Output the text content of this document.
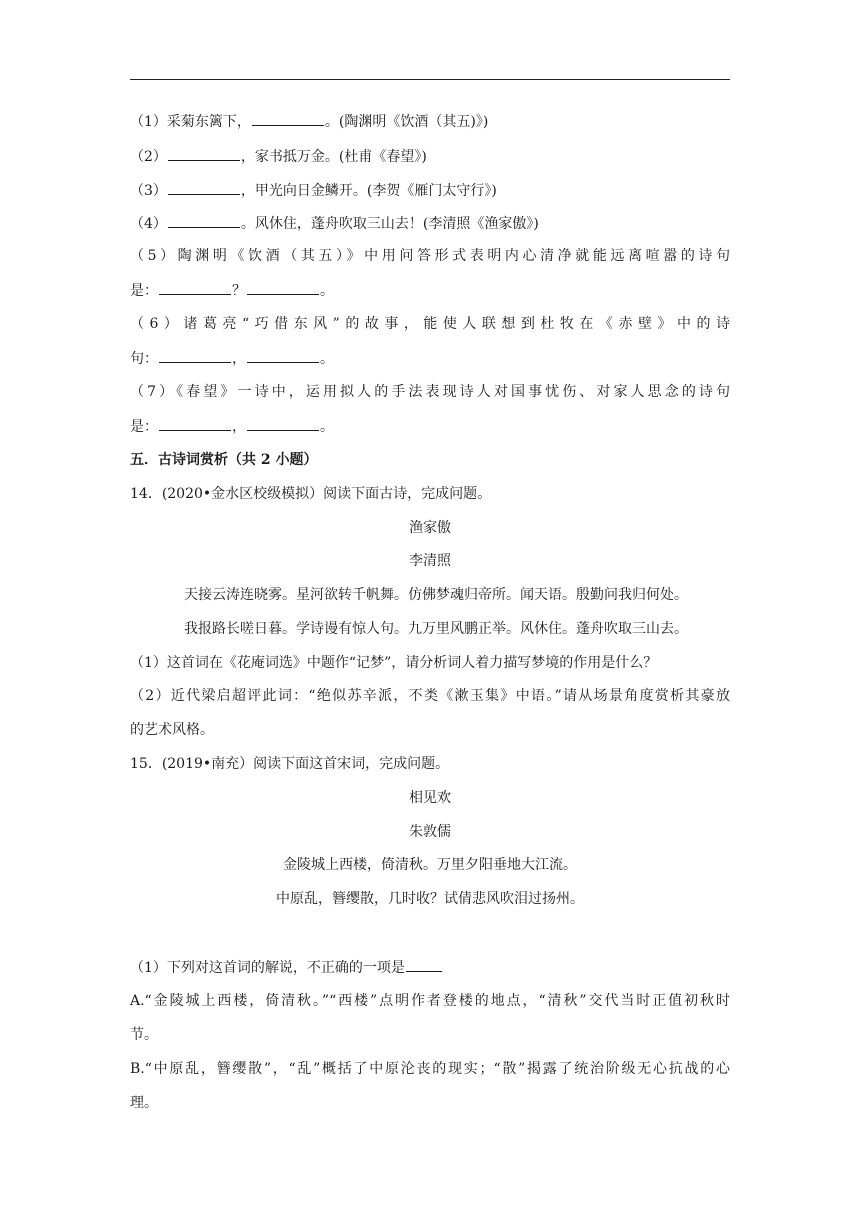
（1）采菊东篱下，	。(陶渊明《饮酒（其五)》)
（2）	，家书抵万金。(杜甫《春望》)
（3）	，甲光向日金鳞开。(李贺《雁门太守行》)
（4）	。风休住，蓬舟吹取三山去！(李清照《渔家傲》)
（5）陶渊明《饮酒（其五）》中用问答形式表明内心清净就能远离喧嚣的诗句
是：	？	。
（6）诸葛亮“巧借东风”的故事，能使人联想到杜牧在《赤壁》中的诗
句：	，	。
（7）《春望》一诗中，运用拟人的手法表现诗人对国事忧伤、对家人思念的诗句
是：	，	。
五．古诗词赏析（共 2 小题）
14．(2020•金水区校级模拟）阅读下面古诗，完成问题。
渔家傲
李清照
天接云涛连晓雾。星河欲转千帆舞。仿佛梦魂归帝所。闻天语。殷勤问我归何处。
我报路长嗟日暮。学诗谩有惊人句。九万里风鹏正举。风休住。蓬舟吹取三山去。
（1）这首词在《花庵词选》中题作“记梦”，请分析词人着力描写梦境的作用是什么？
（2）近代梁启超评此词：“绝似苏辛派，不类《漱玉集》中语。”请从场景角度赏析其豪放
的艺术风格。
15．(2019•南充）阅读下面这首宋词，完成问题。
相见欢
朱敦儒
金陵城上西楼，倚清秋。万里夕阳垂地大江流。
中原乱，簪缨散，几时收？试倩悲风吹泪过扬州。
（1）下列对这首词的解说，不正确的一项是
A.“金陵城上西楼，倚清秋。”“西楼”点明作者登楼的地点，“清秋”交代当时正值初秋时
节。
B.“中原乱，簪缨散”，“乱”概括了中原沦丧的现实；“散”揭露了统治阶级无心抗战的心
理。
